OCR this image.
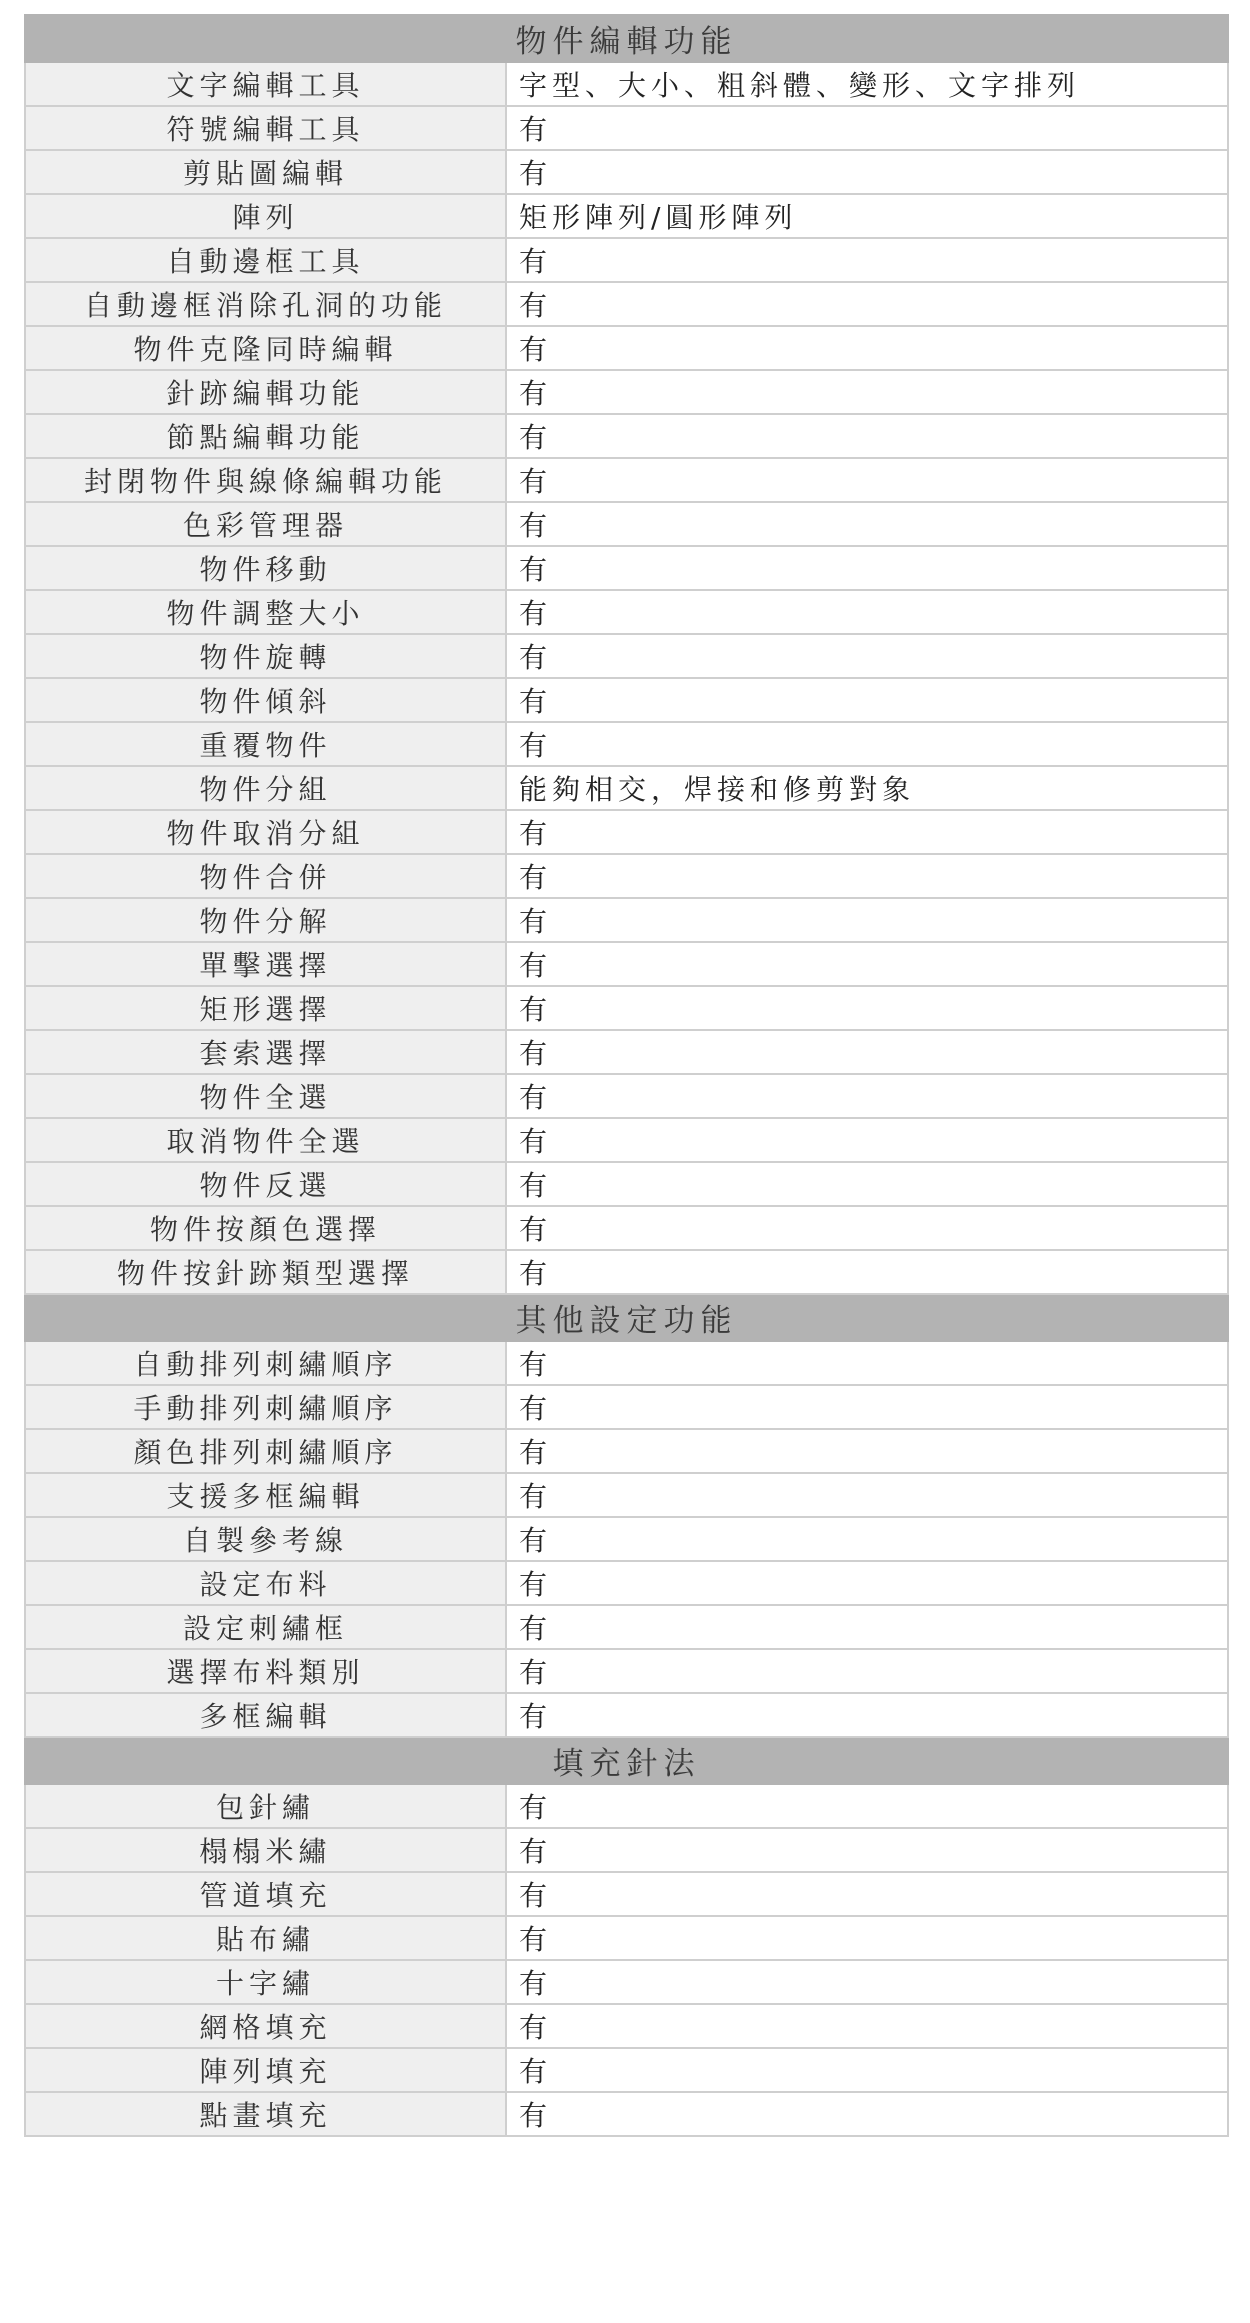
物件編輯功能	
文字編輯工具	字型、大小、粗斜體、變形、文字排列
符號編輯工具	有
剪貼圖編輯	有
陣列	矩形陣列/圓形陣列
自動邊框工具	有
自動邊框消除孔洞的功能	有
物件克隆同時編輯	有
針跡編輯功能	有
節點編輯功能	有
封閉物件與線條編輯功能	有
色彩管理器	有
物件移動	有
物件調整大小	有
物件旋轉	有
物件傾斜	有
重覆物件	有
物件分組	能夠相交，焊接和修剪對象
物件取消分組	有
物件合併	有
物件分解	有
單擊選擇	有
矩形選擇	有
套索選擇	有
物件全選	有
取消物件全選	有
物件反選	有
物件按顏色選擇	有
物件按針跡類型選擇	有
其他設定功能	
自動排列刺繡順序	有
手動排列刺繡順序	有
顏色排列刺繡順序	有
支援多框編輯	有
自製參考線	有
設定布料	有
設定刺繡框	有
選擇布料類別	有
多框編輯	有
填充針法	
包針繡	有
榻榻米繡	有
管道填充	有
貼布繡	有
十字繡	有
網格填充	有
陣列填充	有
點畫填充	有
